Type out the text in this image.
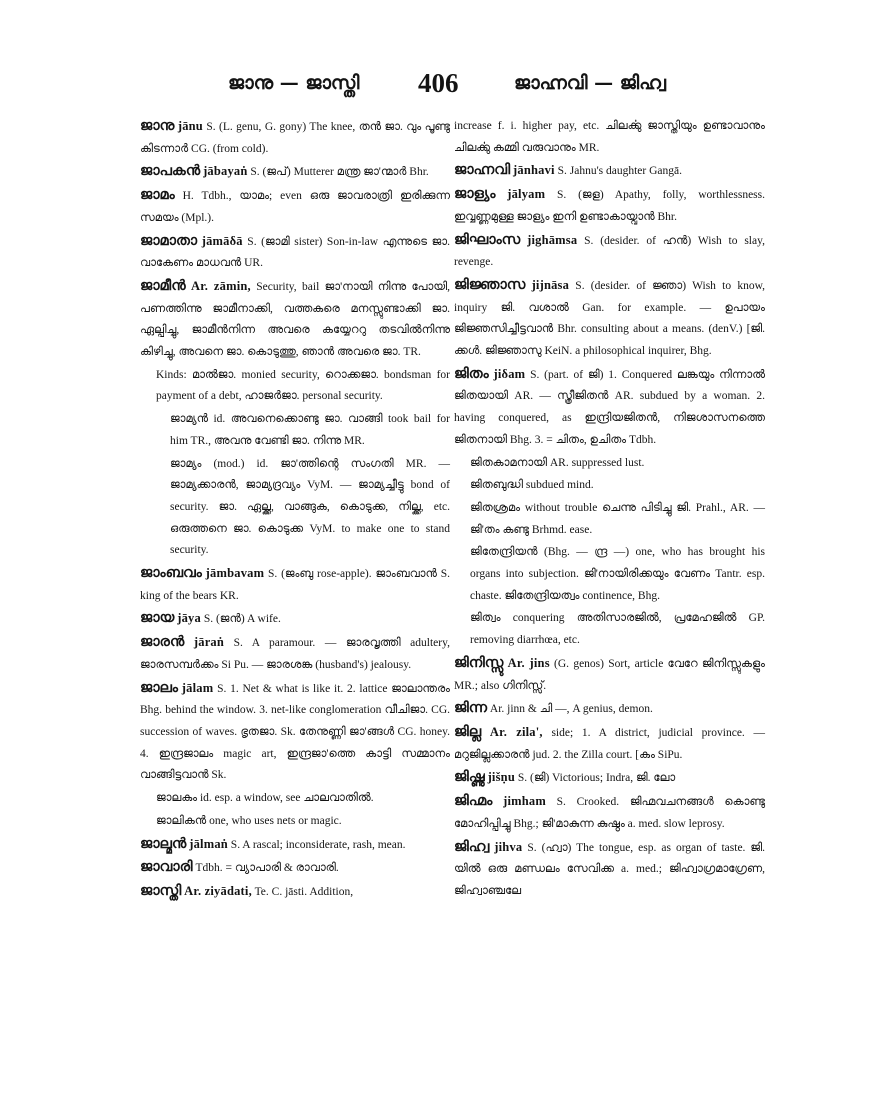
ജാനു — ജാസ്തി 406	ജാഹ്നവി — ജിഹ്വ
ജാനു jānu S. (L. genu, G. gony) The knee, തൻ ജാ. വും പൂണ്ടു കിടന്നാർ CG. (from cold).
ജാപകൻ jābayaṅ S. (ജപ്) Mutterer മന്ത്ര ജാ'ന്മാർ Bhr.
ജാമം H. Tdbh., യാമം; even ഒരു ജാവരാത്രി ഇരിക്കുന്ന സമയം (Mpl.).
ജാമാതാ jāmāδā S. (ജാമി sister) Son-in-law എന്നുടെ ജാ. വാകേണം മാധവൻ UR.
ജാമീൻ Ar. zāmin, Security, bail ജാ'നായി നിന്നു പോയി, പണത്തിന്നു ജാമീനാക്കി, വത്തകരെ മനസ്സുണ്ടാക്കി ജാ. ഏല്പിച്ചു, ജാമീൻനിന്ന അവരെ കയ്യേററു തടവിൽനിന്നു കിഴിച്ചു, അവനെ ജാ. കൊടുത്തു, ഞാൻ അവരെ ജാ. TR.
Kinds: മാൽജാ. monied security, റൊക്കജാ. bondsman for payment of a debt, ഹാജർജാ. personal security.
ജാമ്യൻ id. അവനെക്കൊണ്ടു ജാ. വാങ്ങി took bail for him TR., അവനു വേണ്ടി ജാ. നിന്നു MR.
ജാമ്യം (mod.) id. ജാ'ത്തിന്റെ സംഗതി MR. — ജാമ്യക്കാരൻ, ജാമ്യദ്രവ്യം VyM. — ജാമ്യച്ചീട്ടു bond of security. ജാ. ഏല്ക്ക, വാങ്ങുക, കൊടുക്ക, നില്ക്ക, etc. ഒരുത്തനെ ജാ. കൊടുക്ക VyM. to make one to stand security.
ജാംബവം jāmbavam S. (ജംബു rose-apple). ജാംബവാൻ S. king of the bears KR.
ജായ jāya S. (ജൻ) A wife.
ജാരൻ jāraṅ S. A paramour. — ജാരവൃത്തി adultery, ജാരസമ്പർക്കം Si Pu. — ജാരശങ്ക (husband's) jealousy.
ജാലം jālam S. 1. Net & what is like it. 2. lattice ജാലാന്തരം Bhg. behind the window. 3. net-like conglomeration വീചിജാ. CG. succession of waves. ഭൃതജാ. Sk. തേനുണ്ണി ജാ'ങ്ങൾ CG. honey. 4. ഇന്ദ്രജാലം magic art, ഇന്ദ്രജാ'ത്തെ കാട്ടി സമ്മാനം വാങ്ങിട്ടവാൻ Sk.
ജാലകം id. esp. a window, see ചാലവാതിൽ.
ജാലികൻ one, who uses nets or magic.
ജാല്മൻ jālmaṅ S. A rascal; inconsiderate, rash, mean.
ജാവാരി Tdbh. = വ്യാപാരി & രാവാരി.
ജാസ്തി Ar. ziyādati, Te. C. jāsti. Addition,
increase f. i. higher pay, etc. ചിലൎക്കു ജാസ്തിയും ഉണ്ടാവാനും ചിലൎക്കു കമ്മി വരുവാനും MR.
ജാഹ്നവി jānhavi S. Jahnu's daughter Gangā.
ജാള്യം jālyam S. (ജള) Apathy, folly, worthlessness. ഇവ്വണ്ണമുള്ള ജാള്യം ഇനി ഉണ്ടാകായ്വാൻ Bhr.
ജിഘാംസ jighāmsa S. (desider. of ഹൻ) Wish to slay, revenge.
ജിജ്ഞാസ jijnāsa S. (desider. of ജ്ഞാ) Wish to know, inquiry ജി. വശാൽ Gan. for example. — ഉപായം ജിജ്ഞസിച്ചീട്ടവാൻ Bhr. consulting about a means. (denV.) [ജി. ക്കൾ. ജിജ്ഞാസു KeiN. a philosophical inquirer, Bhg.
ജിതം jiδam S. (part. of ജി) 1. Conquered ലങ്കയും നിന്നാൽ ജിതയായി AR. — സ്ത്രീജിതൻ AR. subdued by a woman. 2. having conquered, as ഇന്ദ്രിയജിതൻ, നിജശാസനത്തെ ജിതനായി Bhg. 3. = ചിതം, ഉചിതം Tdbh.
ജിതകാമനായി AR. suppressed lust.
ജിതബുദ്ധി subdued mind.
ജിതശ്രമം without trouble ചെന്നു പിടിച്ചു ജി. Prahl., AR. — ജി'തം കണ്ടു Brhmd. ease.
ജിതേന്ദ്രിയൻ (Bhg. — ന്ദ്ര —) one, who has brought his organs into subjection. ജി'നായിരിക്കയും വേണം Tantr. esp. chaste. ജിതേന്ദ്രിയത്വം continence, Bhg.
ജിത്വം conquering അതിസാരജിൽ, പ്രമേഹജിൽ GP. removing diarrhœa, etc.
ജിനിസ്സു Ar. jins (G. genos) Sort, article വേറേ ജിനിസ്സുകളും MR.; also ഗിനിസ്സ്.
ജിന്ന Ar. jinn & ചി —, A genius, demon.
ജില്ല Ar. zila', side; 1. A district, judicial province. — മറുജില്ലക്കാരൻ jud. 2. the Zilla court. [കം SiPu.
ജിഷ്ണു jišṇu S. (ജി) Victorious; Indra, ജി. ലോ
ജിഹ്മം jimham S. Crooked. ജിഹ്മവചനങ്ങൾ കൊണ്ടു മോഹിപ്പിച്ചു Bhg.; ജി'മാകുന്ന കുഷ്ഠം a. med. slow leprosy.
ജിഹ്വ jihva S. (ഹ്വാ) The tongue, esp. as organ of taste. ജി. യിൽ ഒരു മണ്ഡലം സേവിക്ക a. med.; ജിഹ്വാഗ്രമാഗ്രേണ, ജിഹ്വാഞ്ചലേ
